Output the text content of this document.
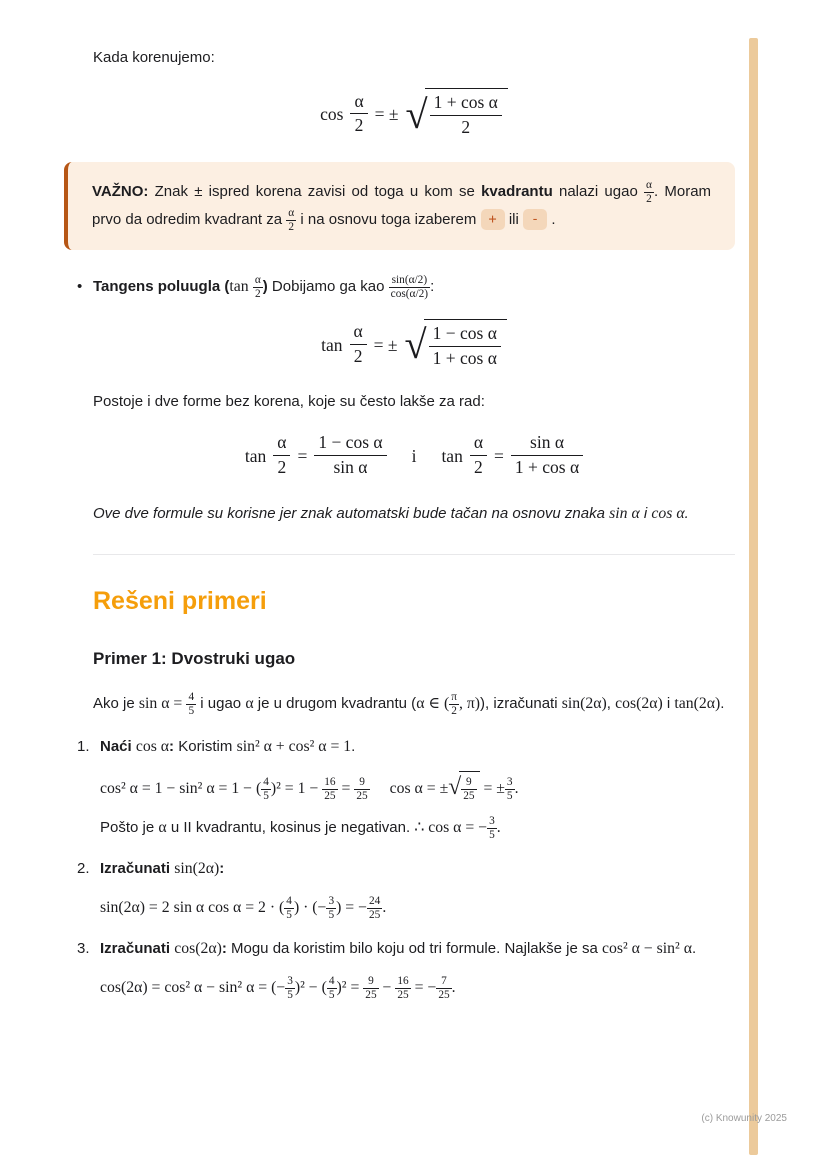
Kada korenujemo:

$\cos \frac{\alpha}{2}$ = ± √ $\frac{\text{1 + cos α}}{2}$
VAŽNO: Znak ± ispred korena zavisi od toga u kom se kvadrantu nalazi ugao $\frac{\alpha}{2}$ . Moram prvo da odredim kvadrant za $\frac{\alpha}{2}$ i na osnovu toga izaberem + ili - .
• Tangens poluugla ($\tan \frac{\alpha}{2}$ ) Dobijamo ga kao $\frac{\sin(\alpha/2)}{\cos(\alpha/2)}$ :
$\tan \frac{\alpha}{2}$ = ± √ $\frac{\text{1 − cos α}}{\text{1 + cos α}}$

Postoje i dve forme bez korena, koje su često lakše za rad:

$\tan \frac{\alpha}{2} = \frac{\text{1 − cos α}}{\text{sin α}}$ i $\tan \frac{\alpha}{2} = \frac{\text{sin α}}{\text{1 + cos α}}$

Ove dve formule su korisne jer znak automatski bude tačan na osnovu znaka sin α i cos α.

Rešeni primeri
Primer 1: Dvostruki ugao

Ako je $\sin \alpha = \frac{4}{5}$ i ugao α je u drugom kvadrantu (α ∈ ( $\frac{\pi}{2}$ , π)), izračunati sin(2α), cos(2α) i tan(2α).

1. Naći cos α: Koristim sin² α + cos² α = 1.
cos² α = 1 − sin² α = 1 − ( $\frac{4}{5} )^2 = 1 - \frac{16}{25} = \frac{9}{25}$ cos α = ± √ $\frac{9}{25}$ = ± $\frac{3}{5}$ .
Pošto je α u II kvadrantu, kosinus je negativan. ∴ cos α = − $\frac{3}{5}$ .
2. Izračunati sin(2α):
sin(2α) = 2 sin α cos α = 2 · ( $\frac{4}{5}$ ) · (− $\frac{3}{5}$ ) = − $\frac{24}{25}$ .
3. Izračunati cos(2α): Mogu da koristim bilo koju od tri formule. Najlakše je sa cos² α − sin² α.
cos(2α) = cos² α − sin² α = (− $\frac{3}{5} )^2$ − ( $\frac{4}{5} )^2 = \frac{9}{25} - \frac{16}{25}$ = − $\frac{7}{25}$ .
(c) Knowunity 2025
